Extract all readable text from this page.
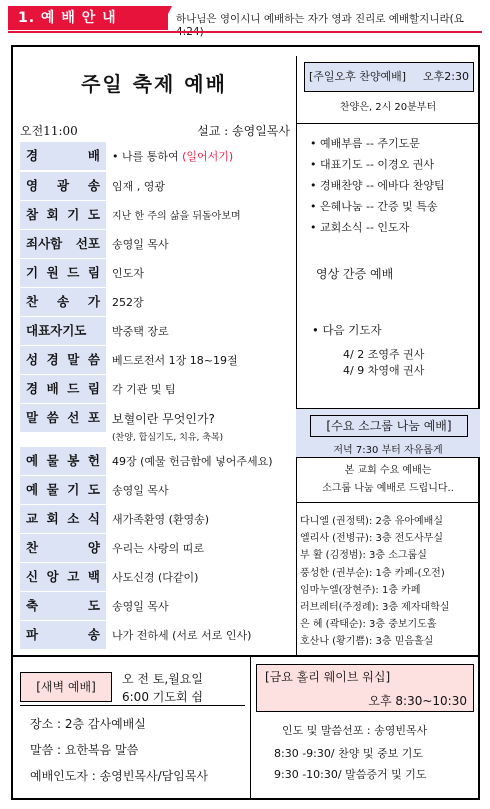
1. 예 배 안 내	하나님은 영이시니 예배하는 자가 영과 진리로 예배할지니라(요
주일 축제 예배
오전11:00	설교 : 송영일목사
경 배	• 나를 통하여 (일어서기)
영 광 송	임재 , 영광
참 회 기 도	지난 한 주의 삶을 뒤돌아보며
죄사함 선포	송영일 목사
기 원 드 림	인도자
찬 송 가	252장
대표자기도	박중택 장로
성 경 말 씀	베드로전서 1장 18~19절
경 배 드 림	각 기관 및 팀
말 씀 선 포	보혈이란 무엇인가?
(찬양, 합심기도, 치유, 축복)
예 물 봉 헌	49장 (예물 헌금함에 넣어주세요)
예 물 기 도	송영일 목사
교 회 소 식	새가족환영 (환영송)
찬 양	우리는 사랑의 띠로
신 앙 고 백	사도신경 (다같이)
축 도	송영일 목사
파 송	나가 전하세 (서로 서로 인사)
[주일오후 찬양예배] 오후2:30
찬양은, 2시 20분부터
• 예배부름 -- 주기도문
• 대표기도 -- 이경오 권사
• 경배찬양 -- 에바다 찬양팀
• 은혜나눔 -- 간증 및 특송
• 교회소식 -- 인도자
영상 간증 예배
• 다음 기도자
4/ 2 조영주 권사
4/ 9 차영애 권사
[수요 소그룹 나눔 예배]
저녁 7:30 부터 자유롭게
본 교회 수요 예배는
소그룹 나눔 예배로 드립니다..
다니엘 (권정택): 2층 유아예배실
엘리사 (전병규): 3층 전도사무실
부 활 (김정범): 3층 소그룹실
풍성한 (권부순): 1층 카페-(오전)
임마누엘(장현주): 1층 카페
러브레터(주정례): 3층 제자대학실
은 혜 (곽태순): 3층 중보기도홀
호산나 (황기쁨): 3층 믿음홀실
[새벽 예배]
오 전 토,월요일
6:00 기도회 쉼
장소 : 2층 감사예배실
말씀 : 요한복음 말씀
예배인도자 : 송영빈목사/담임목사
[금요 홀리 웨이브 워십]
오후 8:30~10:30
인도 및 말씀선포 : 송영빈목사
8:30 -9:30/ 찬양 및 중보 기도
9:30 -10:30/ 말씀증거 및 기도
